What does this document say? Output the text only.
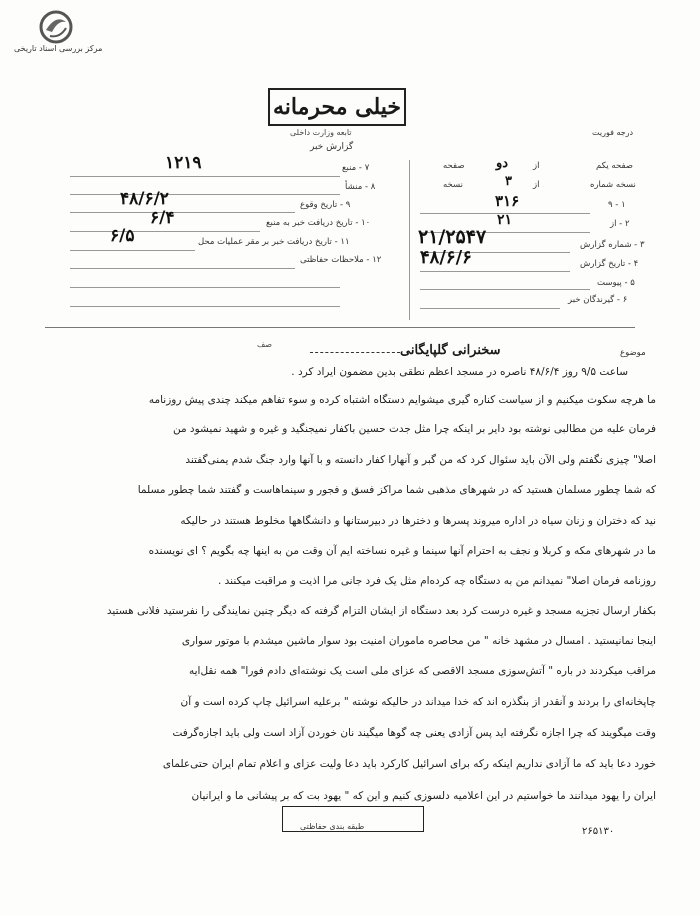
مرکز بررسی اسناد تاریخی
خیلی محرمانه
تابعه وزارت داخلی
گزارش خبر
درجه فوریت
صفحه یکم
از
دو
صفحه
نسخه شماره
از
۳
نسخه
۱ - ۹
۳۱۶
۲ - از
۲۱
۳ - شماره گزارش
۲۱/۲۵۴۷
۴ - تاریخ گزارش
۴۸/۶/۶
۵ - پیوست
۶ - گیرندگان خبر
۷ - منبع
۱۲۱۹
۸ - منشأ
۹ - تاریخ وقوع
۴۸/۶/۲
۱۰ - تاریخ دریافت خبر به منبع
۶/۴
۱۱ - تاریخ دریافت خبر بر مقر عملیات محل
۶/۵
۱۲ - ملاحظات حفاظتی
موضوع
سخنرانی گلپایگانی
صف
ساعت ۹/۵ روز ۴۸/۶/۴ ناصره در مسجد اعظم نطقی بدین مضمون ایراد کرد .
ما هرچه سکوت میکنیم و از سیاست کناره گیری میشوایم دستگاه اشتباه کرده و سوء تفاهم میکند چندی پیش روزنامه
فرمان علیه من مطالبی نوشته بود دایر بر اینکه چرا مثل جدت حسین باکفار نمیجنگید و غیره و شهید نمیشود من
اصلا" چیزی نگفتم ولی الآن باید سئوال کرد که من گبر و آنهارا کفار دانسته و با آنها وارد جنگ شدم یمنی‌گفتند
که شما چطور مسلمان هستید که در شهرهای مذهبی شما مراکز فسق و فجور و سینماهاست و گفتند شما چطور مسلما
نید که دختران و زنان سیاه در اداره میروند پسرها و دخترها در دبیرستانها و دانشگاهها مخلوط هستند در حالیکه
ما در شهرهای مکه و کربلا و نجف به احترام آنها سینما و غیره نساخته ایم آن وقت من به اینها چه بگویم ؟ ای نویسنده
روزنامه فرمان اصلا" نمیدانم من به دستگاه چه کرده‌ام مثل یک فرد جانی مرا اذیت و مراقبت میکنند .
بکفار ارسال تجزیه مسجد و غیره درست کرد بعد دستگاه از ایشان التزام گرفته که دیگر چنین نمایندگی را نفرستید فلانی هستید
اینجا نمانیستید . امسال در مشهد خانه " من محاصره ماموران امنیت بود سوار ماشین میشدم با موتور سواری
مراقب میکردند در باره " آتش‌سوزی مسجد الاقصی که عزای ملی است یک نوشته‌ای دادم فورا" همه نقل‌ایه
چاپخانه‌ای را بردند و آنقدر از بنگذره اند که خدا میداند در حالیکه نوشته " برعلیه اسرائیل چاپ کرده است و آن
وقت میگویند که چرا اجازه نگرفته اید پس آزادی یعنی چه گوها میگیند نان خوردن آزاد است ولی باید اجازه‌گرفت
خورد دعا باید که ما آزادی نداریم اینکه رکه برای اسرائیل کارکرد باید دعا ولیت عزای و اعلام تمام ایران حتی‌علمای
ایران را یهود میدانند ما خواستیم در این اعلامیه دلسوزی کنیم و این که " یهود بت که بر پیشانی ما و ایرانیان
طبقه بندی حفاظتی	۲۶۵۱۳۰
